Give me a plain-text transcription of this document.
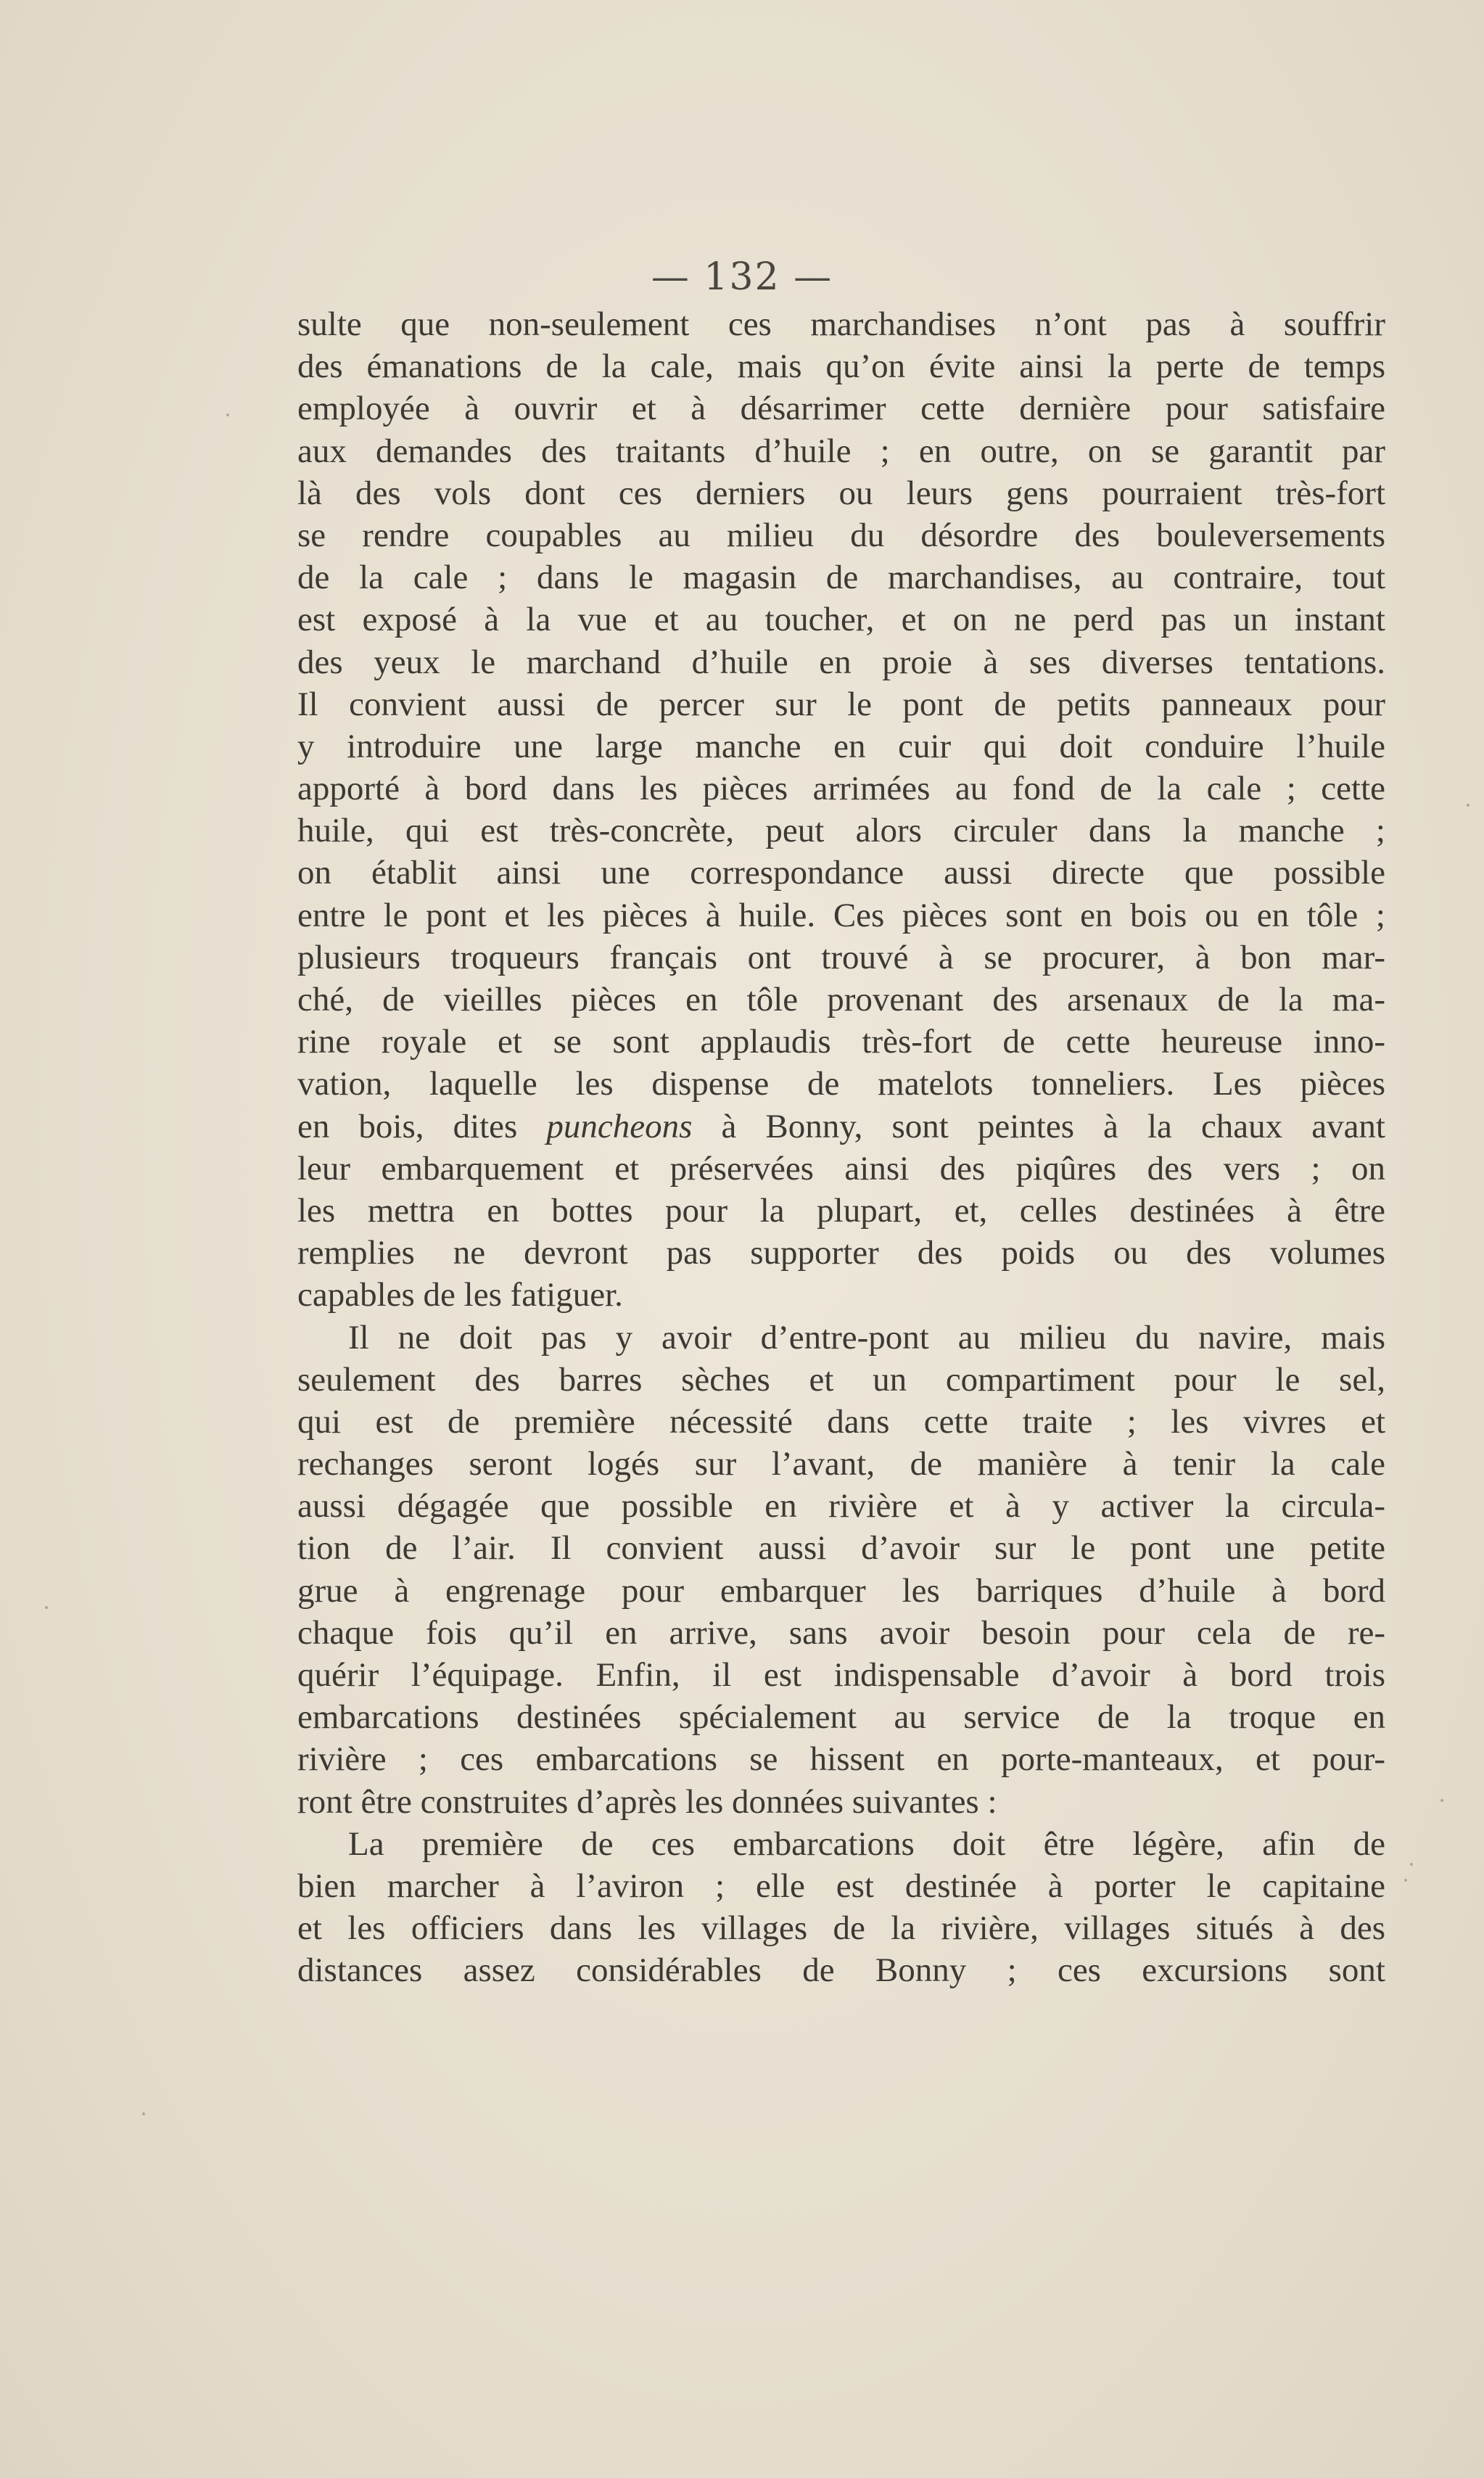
— 132 —
sulte que non-seulement ces marchandises n’ont pas à souffrir
des émanations de la cale, mais qu’on évite ainsi la perte de temps
employée à ouvrir et à désarrimer cette dernière pour satisfaire
aux demandes des traitants d’huile ; en outre, on se garantit par
là des vols dont ces derniers ou leurs gens pourraient très-fort
se rendre coupables au milieu du désordre des bouleversements
de la cale ; dans le magasin de marchandises, au contraire, tout
est exposé à la vue et au toucher, et on ne perd pas un instant
des yeux le marchand d’huile en proie à ses diverses tentations.
Il convient aussi de percer sur le pont de petits panneaux pour
y introduire une large manche en cuir qui doit conduire l’huile
apporté à bord dans les pièces arrimées au fond de la cale ; cette
huile, qui est très-concrète, peut alors circuler dans la manche ;
on établit ainsi une correspondance aussi directe que possible
entre le pont et les pièces à huile. Ces pièces sont en bois ou en tôle ;
plusieurs troqueurs français ont trouvé à se procurer, à bon mar-
ché, de vieilles pièces en tôle provenant des arsenaux de la ma-
rine royale et se sont applaudis très-fort de cette heureuse inno-
vation, laquelle les dispense de matelots tonneliers. Les pièces
en bois, dites puncheons à Bonny, sont peintes à la chaux avant
leur embarquement et préservées ainsi des piqûres des vers ; on
les mettra en bottes pour la plupart, et, celles destinées à être
remplies ne devront pas supporter des poids ou des volumes
capables de les fatiguer.
Il ne doit pas y avoir d’entre-pont au milieu du navire, mais
seulement des barres sèches et un compartiment pour le sel,
qui est de première nécessité dans cette traite ; les vivres et
rechanges seront logés sur l’avant, de manière à tenir la cale
aussi dégagée que possible en rivière et à y activer la circula-
tion de l’air. Il convient aussi d’avoir sur le pont une petite
grue à engrenage pour embarquer les barriques d’huile à bord
chaque fois qu’il en arrive, sans avoir besoin pour cela de re-
quérir l’équipage. Enfin, il est indispensable d’avoir à bord trois
embarcations destinées spécialement au service de la troque en
rivière ; ces embarcations se hissent en porte-manteaux, et pour-
ront être construites d’après les données suivantes :
La première de ces embarcations doit être légère, afin de
bien marcher à l’aviron ; elle est destinée à porter le capitaine
et les officiers dans les villages de la rivière, villages situés à des
distances assez considérables de Bonny ; ces excursions sont
